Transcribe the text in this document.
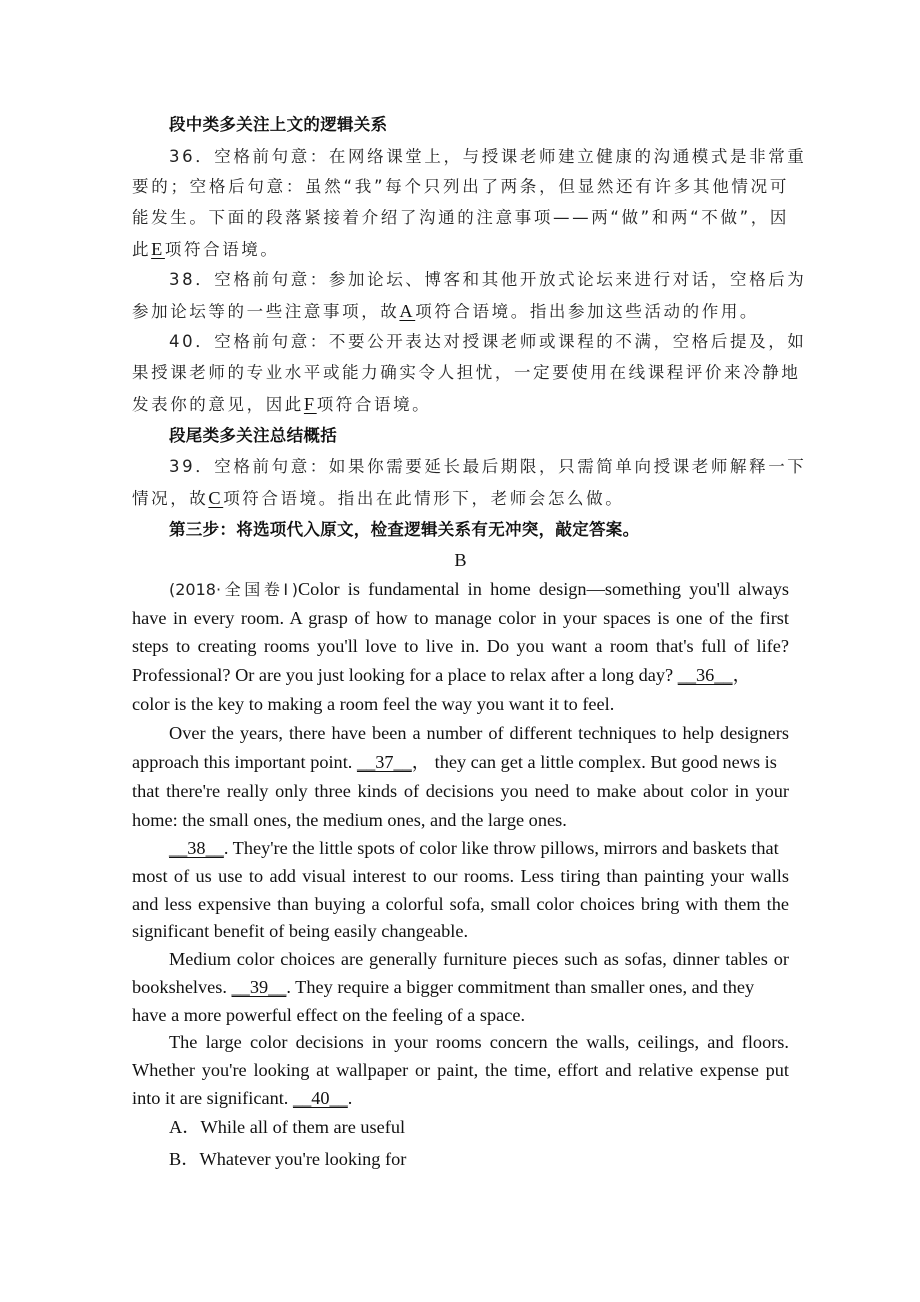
段中类多关注上文的逻辑关系
36．空格前句意：在网络课堂上，与授课老师建立健康的沟通模式是非常重
要的；空格后句意：虽然“我”每个只列出了两条，但显然还有许多其他情况可
能发生。下面的段落紧接着介绍了沟通的注意事项——两“做”和两“不做”，因
此E项符合语境。
38．空格前句意：参加论坛、博客和其他开放式论坛来进行对话，空格后为
参加论坛等的一些注意事项，故A项符合语境。指出参加这些活动的作用。
40．空格前句意：不要公开表达对授课老师或课程的不满，空格后提及，如
果授课老师的专业水平或能力确实令人担忧，一定要使用在线课程评价来冷静地
发表你的意见，因此F项符合语境。
段尾类多关注总结概括
39．空格前句意：如果你需要延长最后期限，只需简单向授课老师解释一下
情况，故C项符合语境。指出在此情形下，老师会怎么做。
第三步：将选项代入原文，检查逻辑关系有无冲突，敲定答案。
B
(2018·全国卷Ⅰ)Color is fundamental in home design—something you'll always
have in every room. A grasp of how to manage color in your spaces is one of the first
steps to creating rooms you'll love to live in. Do you want a room that's full of life?
Professional? Or are you just looking for a place to relax after a long day? __36__，
color is the key to making a room feel the way you want it to feel.
Over the years, there have been a number of different techniques to help designers
approach this important point. __37__， they can get a little complex. But good news is
that there're really only three kinds of decisions you need to make about color in your
home: the small ones, the medium ones, and the large ones.
__38__. They're the little spots of color like throw pillows, mirrors and baskets that
most of us use to add visual interest to our rooms. Less tiring than painting your walls
and less expensive than buying a colorful sofa, small color choices bring with them the
significant benefit of being easily changeable.
Medium color choices are generally furniture pieces such as sofas, dinner tables or
bookshelves. __39__. They require a bigger commitment than smaller ones, and they
have a more powerful effect on the feeling of a space.
The large color decisions in your rooms concern the walls, ceilings, and floors.
Whether you're looking at wallpaper or paint, the time, effort and relative expense put
into it are significant. __40__.
A．While all of them are useful
B．Whatever you're looking for
